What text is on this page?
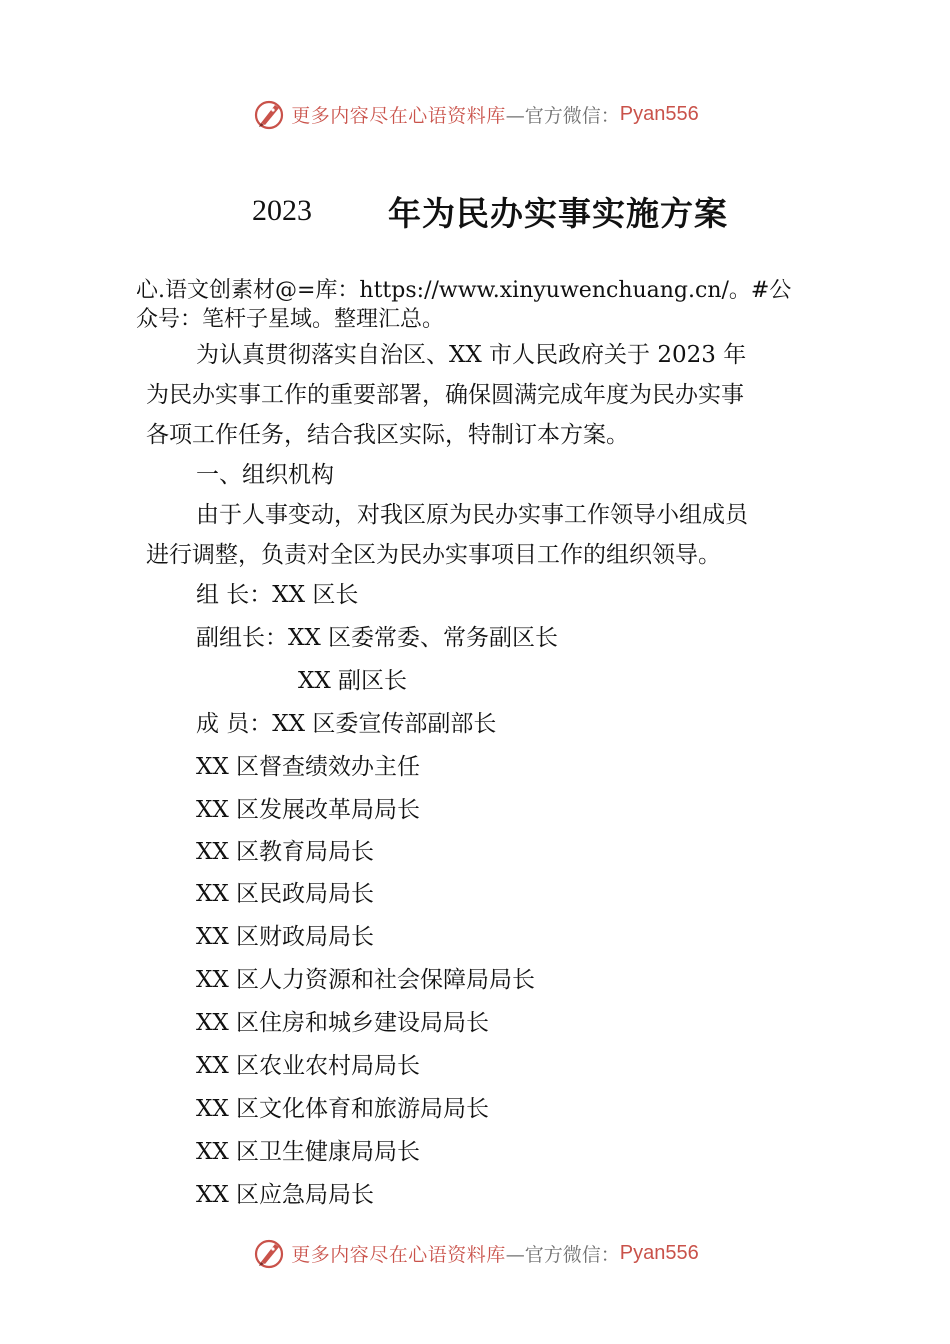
更多内容尽在心语资料库 —官方微信： Pyan556
2023	年为民办实事实施方案
心.语文创素材@=库：https://www.xinyuwenchuang.cn/。#公
众号：笔杆子星域。整理汇总。
为认真贯彻落实自治区、XX 市人民政府关于 2023 年
为民办实事工作的重要部署，确保圆满完成年度为民办实事
各项工作任务，结合我区实际，特制订本方案。
一、组织机构
由于人事变动，对我区原为民办实事工作领导小组成员
进行调整，负责对全区为民办实事项目工作的组织领导。
组 长：XX 区长
副组长：XX 区委常委、常务副区长
XX 副区长
成 员：XX 区委宣传部副部长
XX 区督查绩效办主任
XX 区发展改革局局长
XX 区教育局局长
XX 区民政局局长
XX 区财政局局长
XX 区人力资源和社会保障局局长
XX 区住房和城乡建设局局长
XX 区农业农村局局长
XX 区文化体育和旅游局局长
XX 区卫生健康局局长
XX 区应急局局长
更多内容尽在心语资料库 —官方微信： Pyan556
